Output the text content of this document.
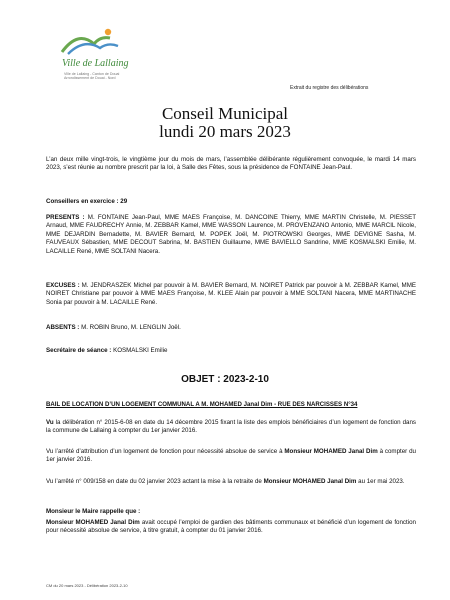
Ville de Lallaing
Ville de Lallaing - Canton de Douai
Arrondissement de Douai - Nord
Extrait du registre des délibérations
Conseil Municipal
lundi 20 mars 2023
L’an deux mille vingt-trois, le vingtième jour du mois de mars, l’assemblée délibérante régulièrement convoquée, le mardi 14 mars 2023, s’est réunie au nombre prescrit par la loi, à Salle des Fêtes, sous la présidence de FONTAINE Jean-Paul.
Conseillers en exercice : 29
PRESENTS : M. FONTAINE Jean-Paul, MME MAES Françoise, M. DANCOINE Thierry, MME MARTIN Christelle, M. PIESSET Arnaud, MME FAUDRECHY Annie, M. ZEBBAR Kamel, MME WASSON Laurence, M. PROVENZANO Antonio, MME MARCIL Nicole, MME DEJARDIN Bernadette, M. BAVIER Bernard, M. POPEK Joël, M. PIOTROWSKI Georges, MME DEVIGNE Sasha, M. FAUVEAUX Sébastien, MME DECOUT Sabrina, M. BASTIEN Guillaume, MME BAVIELLO Sandrine, MME KOSMALSKI Emilie, M. LACAILLE René, MME SOLTANI Nacera.
EXCUSES : M. JENDRASZEK Michel par pouvoir à M. BAVIER Bernard, M. NOIRET Patrick par pouvoir à M. ZEBBAR Kamel, MME NOIRET Christiane par pouvoir à MME MAES Françoise, M. KLEE Alain par pouvoir à MME SOLTANI Nacera, MME MARTINACHE Sonia par pouvoir à M. LACAILLE René.
ABSENTS : M. ROBIN Bruno, M. LENGLIN Joël.
Secrétaire de séance : KOSMALSKI Emilie
OBJET : 2023-2-10
BAIL DE LOCATION D’UN LOGEMENT COMMUNAL A M. MOHAMED Janal Dim - RUE DES NARCISSES N°34
Vu la délibération n° 2015-6-08 en date du 14 décembre 2015 fixant la liste des emplois bénéficiaires d’un logement de fonction dans la commune de Lallaing à compter du 1er janvier 2016.
Vu l’arrêté d’attribution d’un logement de fonction pour nécessité absolue de service à Monsieur MOHAMED Janal Dim à compter du 1er janvier 2016.
Vu l’arrêté n° 009/158 en date du 02 janvier 2023 actant la mise à la retraite de Monsieur MOHAMED Janal Dim au 1er mai 2023.
Monsieur le Maire rappelle que :
Monsieur MOHAMED Janal Dim avait occupé l’emploi de gardien des bâtiments communaux et bénéficié d’un logement de fonction pour nécessité absolue de service, à titre gratuit, à compter du 01 janvier 2016.
CM du 20 mars 2023 - Délibération 2023-2-10
